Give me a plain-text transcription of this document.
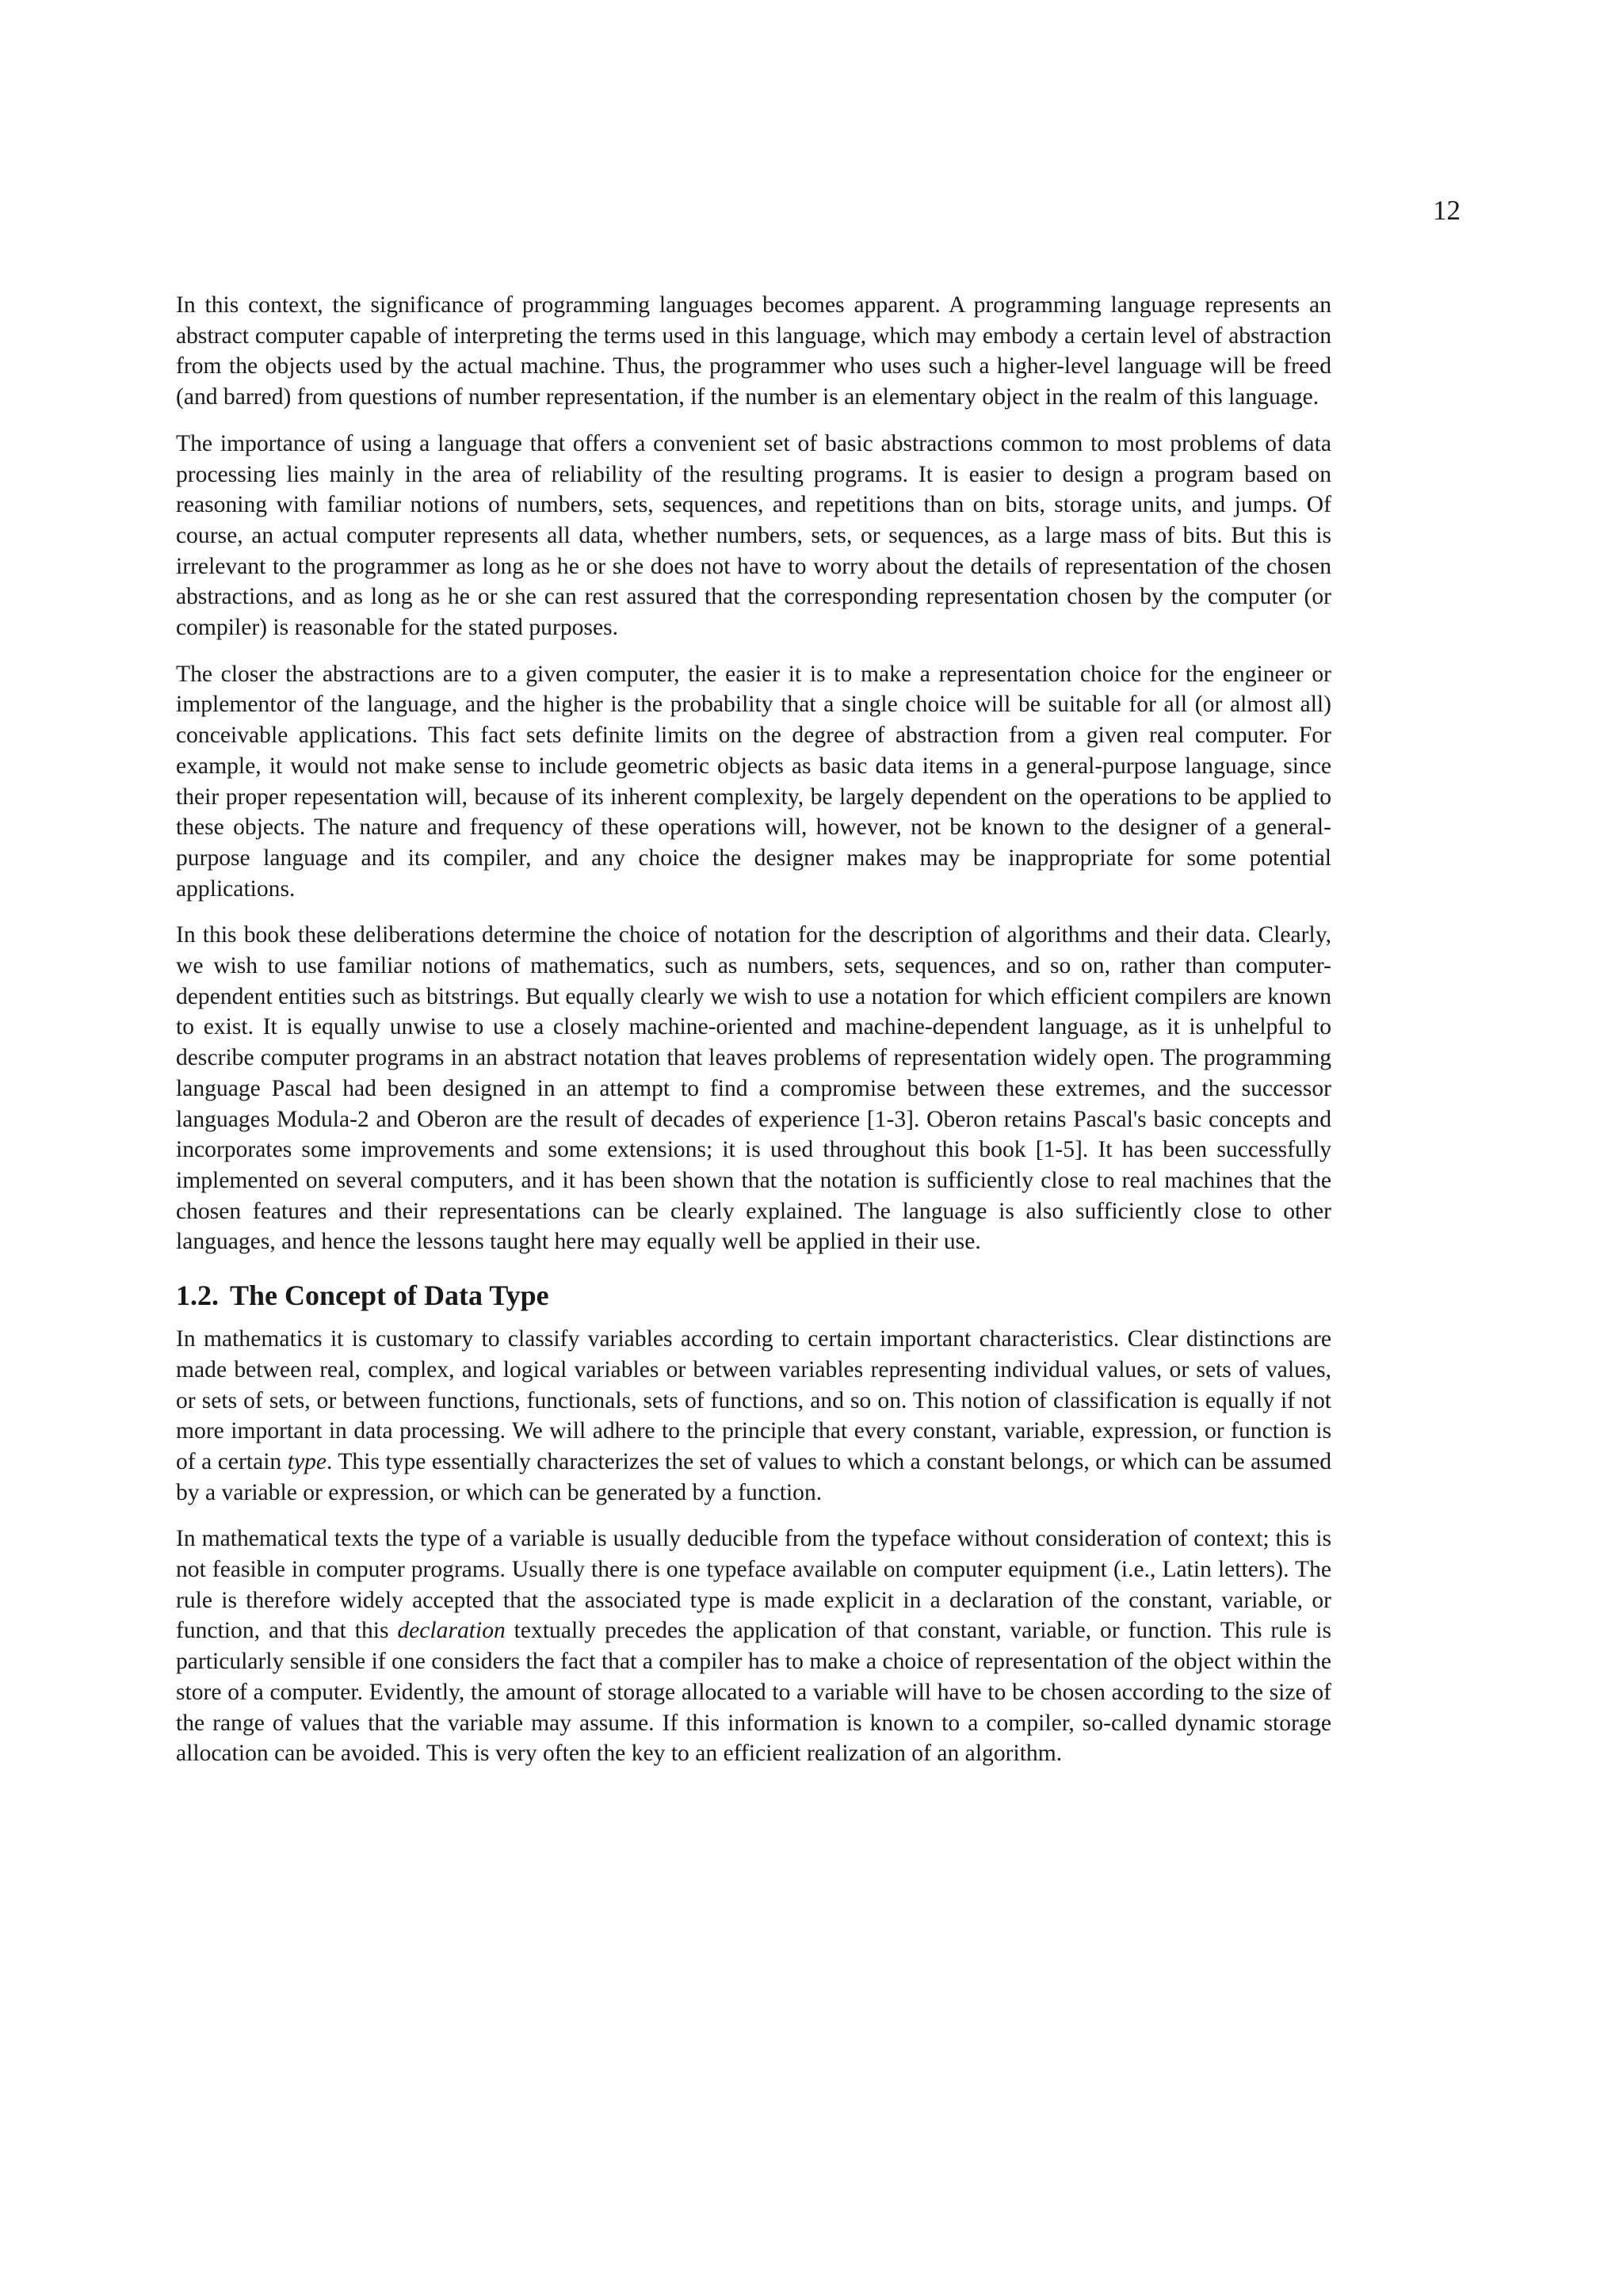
12

In this context, the significance of programming languages becomes apparent. A programming language represents an abstract computer capable of interpreting the terms used in this language, which may embody a certain level of abstraction from the objects used by the actual machine. Thus, the programmer who uses such a higher-level language will be freed (and barred) from questions of number representation, if the number is an elementary object in the realm of this language.

The importance of using a language that offers a convenient set of basic abstractions common to most problems of data processing lies mainly in the area of reliability of the resulting programs. It is easier to design a program based on reasoning with familiar notions of numbers, sets, sequences, and repetitions than on bits, storage units, and jumps. Of course, an actual computer represents all data, whether numbers, sets, or sequences, as a large mass of bits. But this is irrelevant to the programmer as long as he or she does not have to worry about the details of representation of the chosen abstractions, and as long as he or she can rest assured that the corresponding representation chosen by the computer (or compiler) is reasonable for the stated purposes.

The closer the abstractions are to a given computer, the easier it is to make a representation choice for the engineer or implementor of the language, and the higher is the probability that a single choice will be suitable for all (or almost all) conceivable applications. This fact sets definite limits on the degree of abstraction from a given real computer. For example, it would not make sense to include geometric objects as basic data items in a general-purpose language, since their proper repesentation will, because of its inherent complexity, be largely dependent on the operations to be applied to these objects. The nature and frequency of these operations will, however, not be known to the designer of a general-purpose language and its compiler, and any choice the designer makes may be inappropriate for some potential applications.

In this book these deliberations determine the choice of notation for the description of algorithms and their data. Clearly, we wish to use familiar notions of mathematics, such as numbers, sets, sequences, and so on, rather than computer-dependent entities such as bitstrings. But equally clearly we wish to use a notation for which efficient compilers are known to exist. It is equally unwise to use a closely machine-oriented and machine-dependent language, as it is unhelpful to describe computer programs in an abstract notation that leaves problems of representation widely open. The programming language Pascal had been designed in an attempt to find a compromise between these extremes, and the successor languages Modula-2 and Oberon are the result of decades of experience [1-3]. Oberon retains Pascal's basic concepts and incorporates some improvements and some extensions; it is used throughout this book [1-5]. It has been successfully implemented on several computers, and it has been shown that the notation is sufficiently close to real machines that the chosen features and their representations can be clearly explained. The language is also sufficiently close to other languages, and hence the lessons taught here may equally well be applied in their use.

1.2. The Concept of Data Type

In mathematics it is customary to classify variables according to certain important characteristics. Clear distinctions are made between real, complex, and logical variables or between variables representing individual values, or sets of values, or sets of sets, or between functions, functionals, sets of functions, and so on. This notion of classification is equally if not more important in data processing. We will adhere to the principle that every constant, variable, expression, or function is of a certain type. This type essentially characterizes the set of values to which a constant belongs, or which can be assumed by a variable or expression, or which can be generated by a function.

In mathematical texts the type of a variable is usually deducible from the typeface without consideration of context; this is not feasible in computer programs. Usually there is one typeface available on computer equipment (i.e., Latin letters). The rule is therefore widely accepted that the associated type is made explicit in a declaration of the constant, variable, or function, and that this declaration textually precedes the application of that constant, variable, or function. This rule is particularly sensible if one considers the fact that a compiler has to make a choice of representation of the object within the store of a computer. Evidently, the amount of storage allocated to a variable will have to be chosen according to the size of the range of values that the variable may assume. If this information is known to a compiler, so-called dynamic storage allocation can be avoided. This is very often the key to an efficient realization of an algorithm.
